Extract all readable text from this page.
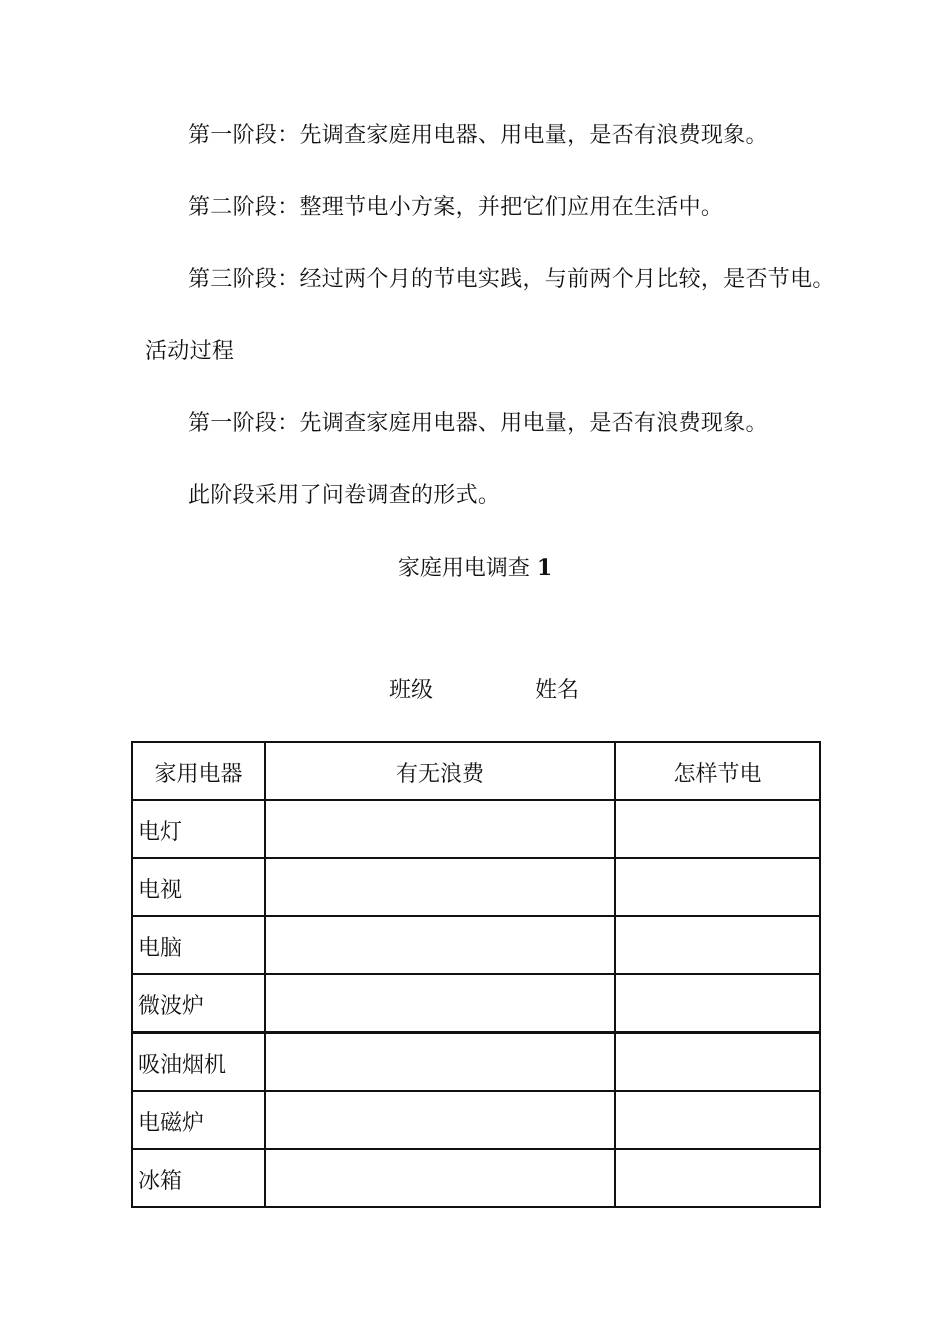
第一阶段：先调查家庭用电器、用电量，是否有浪费现象。
第二阶段：整理节电小方案，并把它们应用在生活中。
第三阶段：经过两个月的节电实践，与前两个月比较，是否节电。
活动过程
第一阶段：先调查家庭用电器、用电量，是否有浪费现象。
此阶段采用了问卷调查的形式。
家庭用电调查 1
班级	姓名
家用电器	有无浪费	怎样节电
电灯		
电视		
电脑		
微波炉		
吸油烟机		
电磁炉		
冰箱		
